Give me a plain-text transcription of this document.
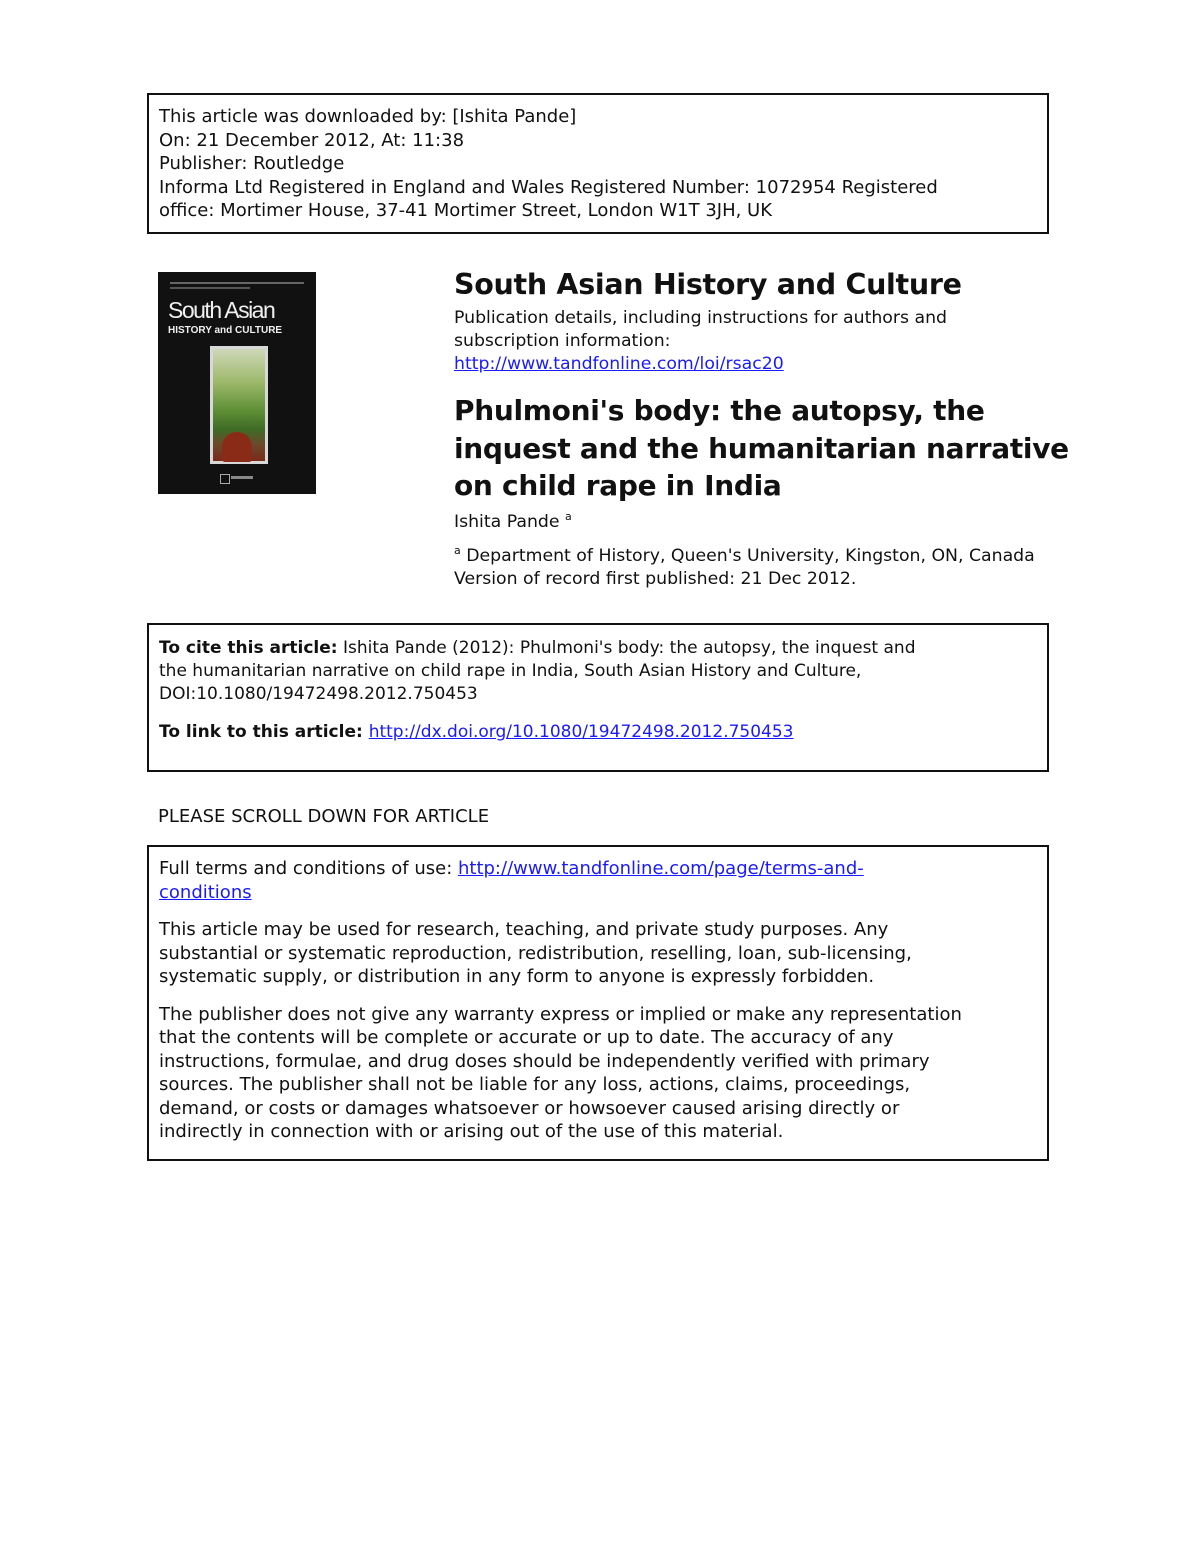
This article was downloaded by: [Ishita Pande]
On: 21 December 2012, At: 11:38
Publisher: Routledge
Informa Ltd Registered in England and Wales Registered Number: 1072954 Registered
office: Mortimer House, 37-41 Mortimer Street, London W1T 3JH, UK
South Asian
HISTORY and CULTURE
South Asian History and Culture
Publication details, including instructions for authors and
subscription information:
http://www.tandfonline.com/loi/rsac20
Phulmoni's body: the autopsy, the
inquest and the humanitarian narrative
on child rape in India
Ishita Pande $^a$
$^a$ Department of History, Queen's University, Kingston, ON, Canada
Version of record first published: 21 Dec 2012.
To cite this article: Ishita Pande (2012): Phulmoni's body: the autopsy, the inquest and
the humanitarian narrative on child rape in India, South Asian History and Culture,
DOI:10.1080/19472498.2012.750453
To link to this article: http://dx.doi.org/10.1080/19472498.2012.750453
PLEASE SCROLL DOWN FOR ARTICLE
Full terms and conditions of use: http://www.tandfonline.com/page/terms-and-
conditions
This article may be used for research, teaching, and private study purposes. Any
substantial or systematic reproduction, redistribution, reselling, loan, sub-licensing,
systematic supply, or distribution in any form to anyone is expressly forbidden.
The publisher does not give any warranty express or implied or make any representation
that the contents will be complete or accurate or up to date. The accuracy of any
instructions, formulae, and drug doses should be independently verified with primary
sources. The publisher shall not be liable for any loss, actions, claims, proceedings,
demand, or costs or damages whatsoever or howsoever caused arising directly or
indirectly in connection with or arising out of the use of this material.
